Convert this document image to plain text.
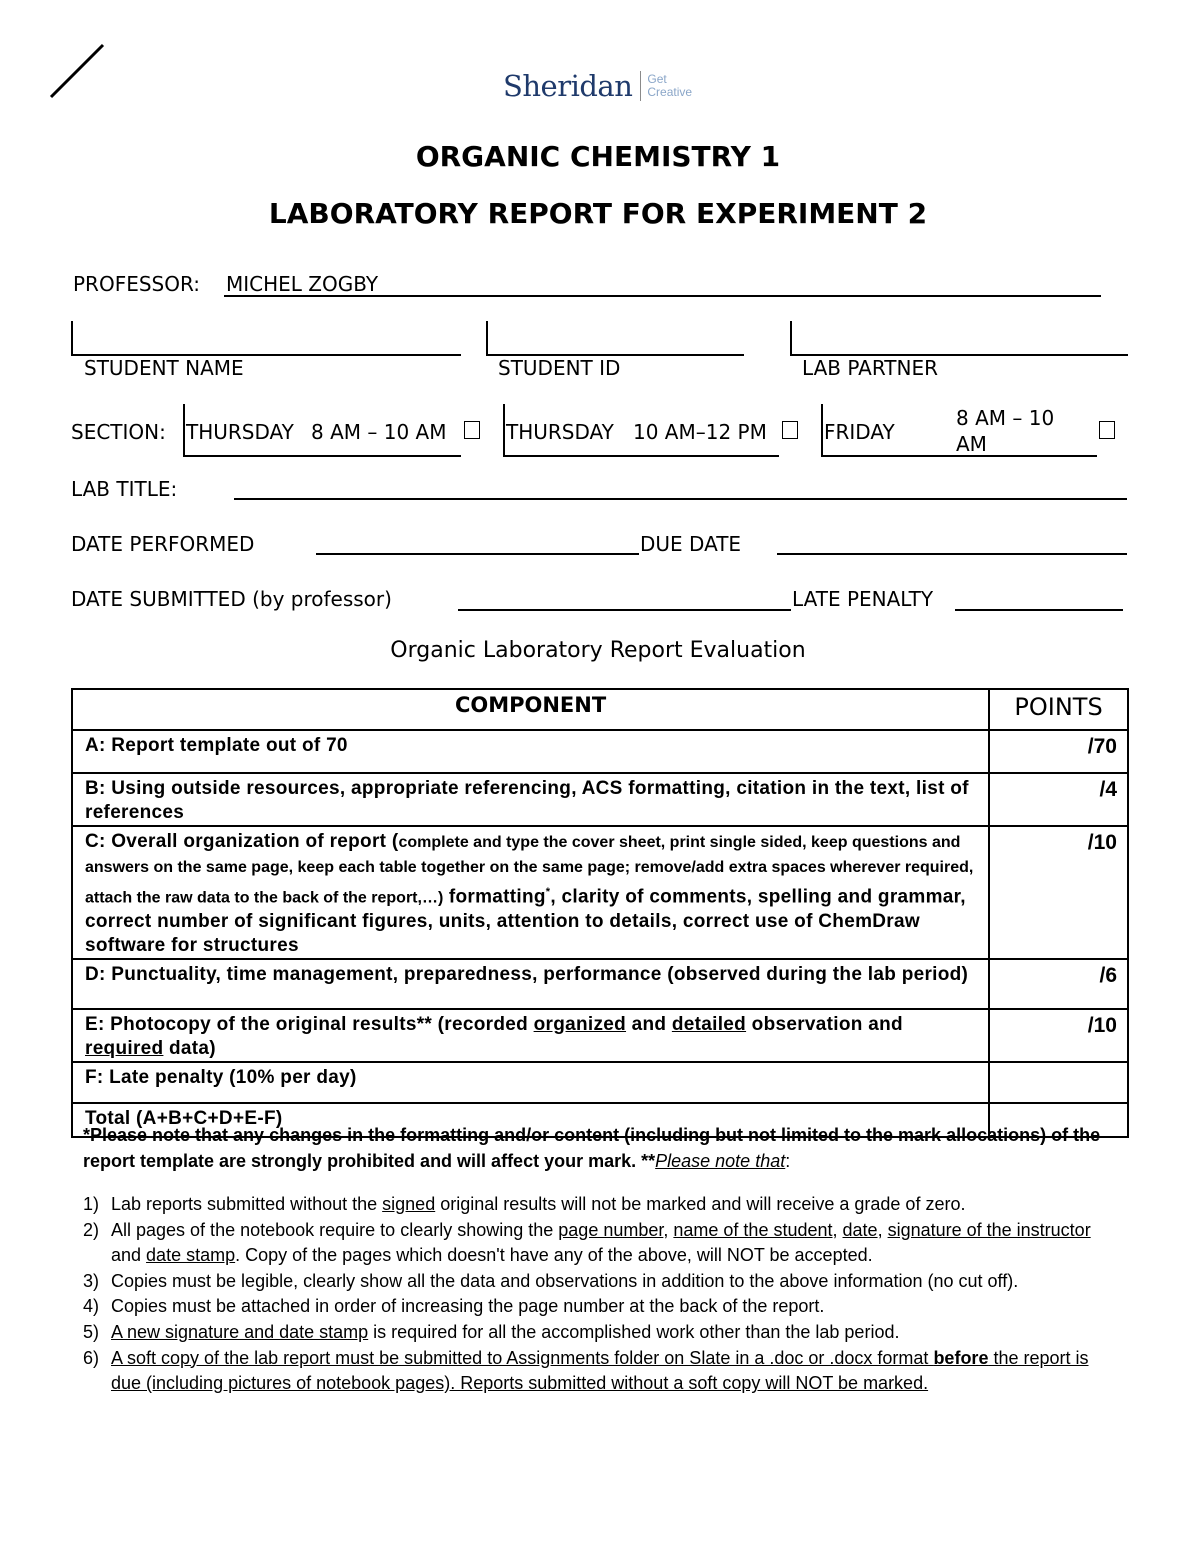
Sheridan Get
Creative
ORGANIC CHEMISTRY 1
LABORATORY REPORT FOR EXPERIMENT 2
PROFESSOR: MICHEL ZOGBY
STUDENT NAME	STUDENT ID	LAB PARTNER
SECTION: THURSDAY 8 AM – 10 AM	THURSDAY 10 AM–12 PM	FRIDAY
8 AM – 10
AM
LAB TITLE:
DATE PERFORMED	DUE DATE
DATE SUBMITTED (by professor)	LATE PENALTY
Organic Laboratory Report Evaluation
COMPONENT	POINTS
A: Report template out of 70	/70
B: Using outside resources, appropriate referencing, ACS formatting, citation in the text, list of references	/4
C: Overall organization of report (complete and type the cover sheet, print single sided, keep questions and answers on the same page, keep each table together on the same page; remove/add extra spaces wherever required, attach the raw data to the back of the report,…) formatting*, clarity of comments, spelling and grammar, correct number of significant figures, units, attention to details, correct use of ChemDraw software for structures	/10
D: Punctuality, time management, preparedness, performance (observed during the lab period)	/6
E: Photocopy of the original results** (recorded organized and detailed observation and required data)	/10
F: Late penalty (10% per day)	
Total (A+B+C+D+E-F)	
*Please note that any changes in the formatting and/or content (including but not limited to the mark allocations) of the report template are strongly prohibited and will affect your mark. **Please note that:
1) Lab reports submitted without the signed original results will not be marked and will receive a grade of zero.
2) All pages of the notebook require to clearly showing the page number, name of the student, date, signature of the instructor and date stamp. Copy of the pages which doesn't have any of the above, will NOT be accepted.
3) Copies must be legible, clearly show all the data and observations in addition to the above information (no cut off).
4) Copies must be attached in order of increasing the page number at the back of the report.
5) A new signature and date stamp is required for all the accomplished work other than the lab period.
6) A soft copy of the lab report must be submitted to Assignments folder on Slate in a .doc or .docx format before the report is due (including pictures of notebook pages). Reports submitted without a soft copy will NOT be marked.
